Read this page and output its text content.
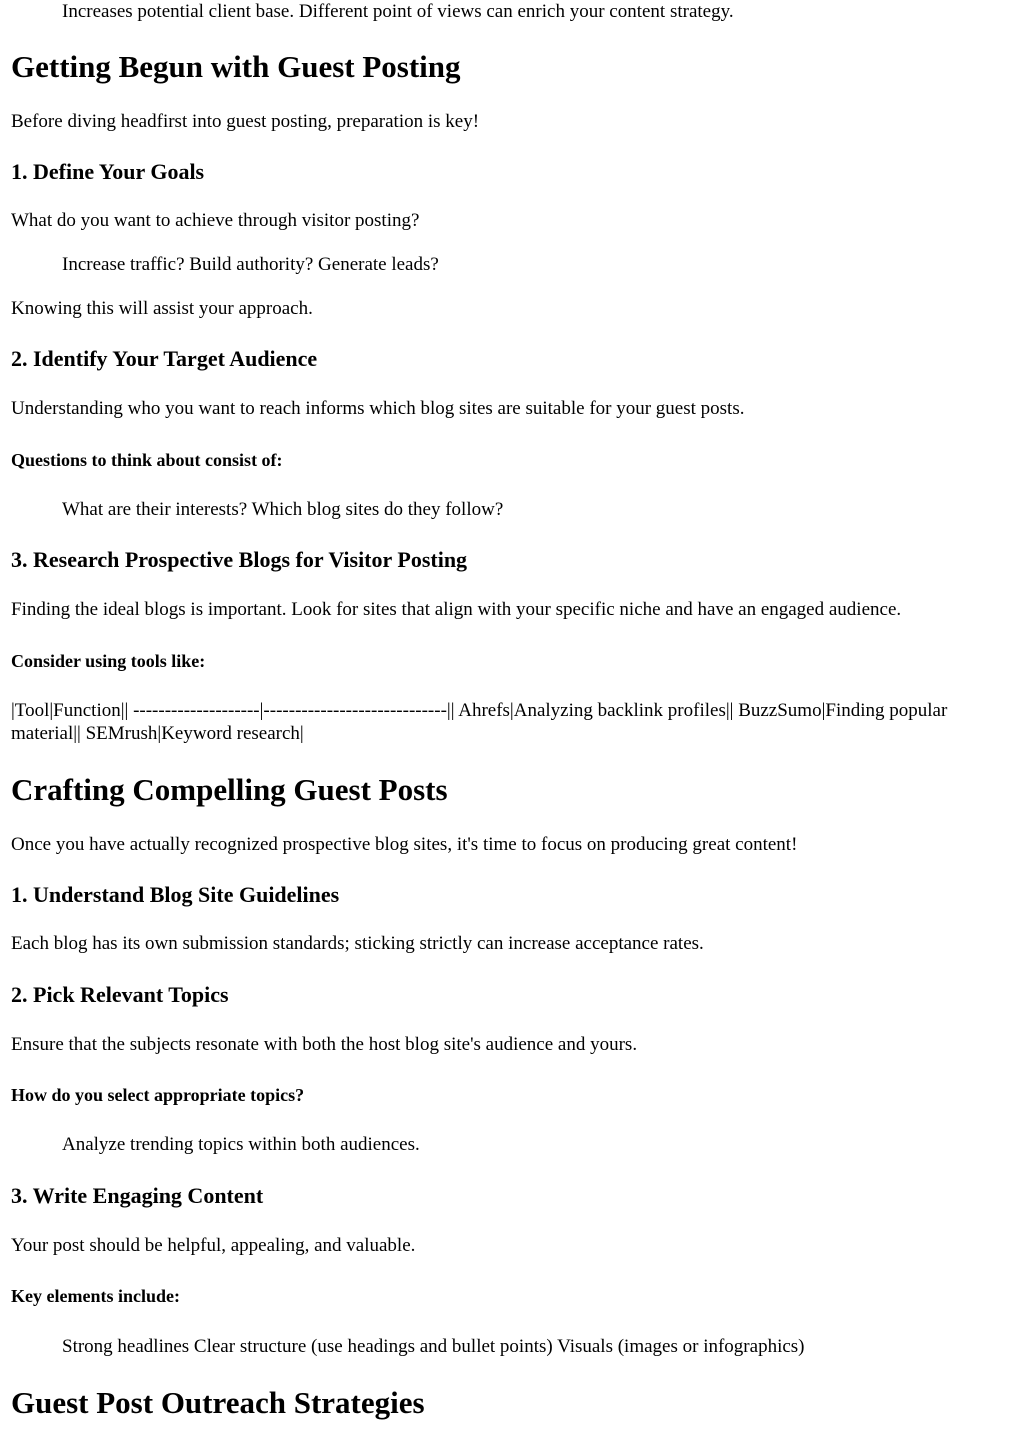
Increases potential client base. Different point of views can enrich your content strategy.

Getting Begun with Guest Posting

Before diving headfirst into guest posting, preparation is key!

1. Define Your Goals

What do you want to achieve through visitor posting?

Increase traffic? Build authority? Generate leads?

Knowing this will assist your approach.

2. Identify Your Target Audience

Understanding who you want to reach informs which blog sites are suitable for your guest posts.

Questions to think about consist of:

What are their interests? Which blog sites do they follow?

3. Research Prospective Blogs for Visitor Posting

Finding the ideal blogs is important. Look for sites that align with your specific niche and have an engaged audience.

Consider using tools like:

|Tool|Function|| --------------------|-----------------------------|| Ahrefs|Analyzing backlink profiles|| BuzzSumo|Finding popular material|| SEMrush|Keyword research|

Crafting Compelling Guest Posts

Once you have actually recognized prospective blog sites, it's time to focus on producing great content!

1. Understand Blog Site Guidelines

Each blog has its own submission standards; sticking strictly can increase acceptance rates.

2. Pick Relevant Topics

Ensure that the subjects resonate with both the host blog site's audience and yours.

How do you select appropriate topics?

Analyze trending topics within both audiences.

3. Write Engaging Content

Your post should be helpful, appealing, and valuable.

Key elements include:

Strong headlines Clear structure (use headings and bullet points) Visuals (images or infographics)

Guest Post Outreach Strategies
